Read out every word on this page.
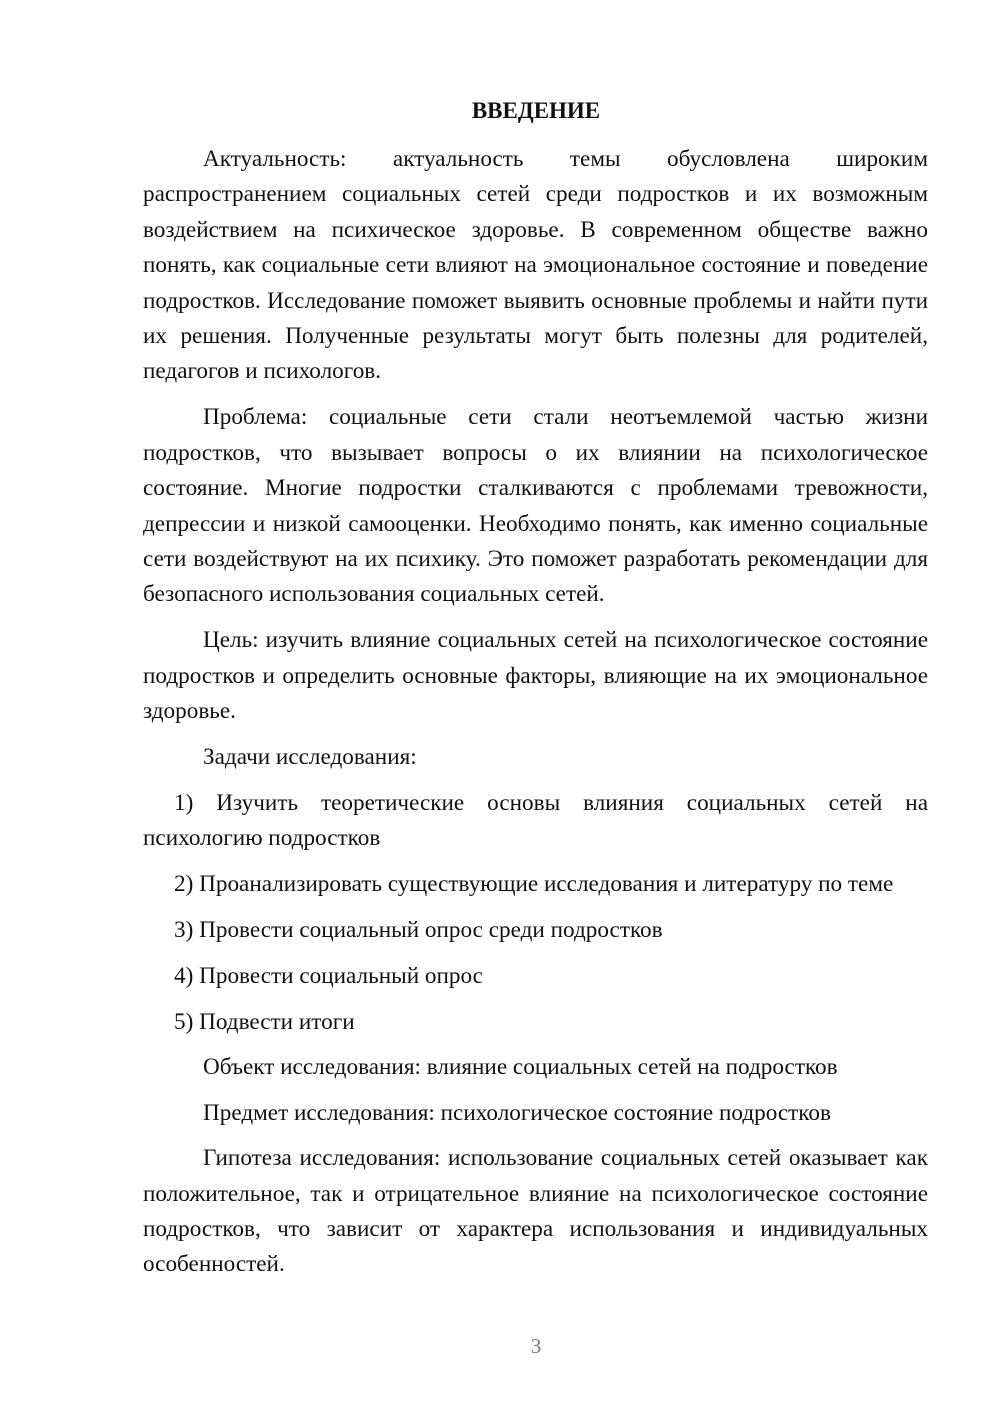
ВВЕДЕНИЕ

Актуальность: актуальность темы обусловлена широким распространением социальных сетей среди подростков и их возможным воздействием на психическое здоровье. В современном обществе важно понять, как социальные сети влияют на эмоциональное состояние и поведение подростков. Исследование поможет выявить основные проблемы и найти пути их решения. Полученные результаты могут быть полезны для родителей, педагогов и психологов.

Проблема: социальные сети стали неотъемлемой частью жизни подростков, что вызывает вопросы о их влиянии на психологическое состояние. Многие подростки сталкиваются с проблемами тревожности, депрессии и низкой самооценки. Необходимо понять, как именно социальные сети воздействуют на их психику. Это поможет разработать рекомендации для безопасного использования социальных сетей.

Цель: изучить влияние социальных сетей на психологическое состояние подростков и определить основные факторы, влияющие на их эмоциональное здоровье.

Задачи исследования:

1) Изучить теоретические основы влияния социальных сетей на психологию подростков

2) Проанализировать существующие исследования и литературу по теме

3) Провести социальный опрос среди подростков

4) Провести социальный опрос

5) Подвести итоги

Объект исследования: влияние социальных сетей на подростков

Предмет исследования: психологическое состояние подростков

Гипотеза исследования: использование социальных сетей оказывает как положительное, так и отрицательное влияние на психологическое состояние подростков, что зависит от характера использования и индивидуальных особенностей.

3
